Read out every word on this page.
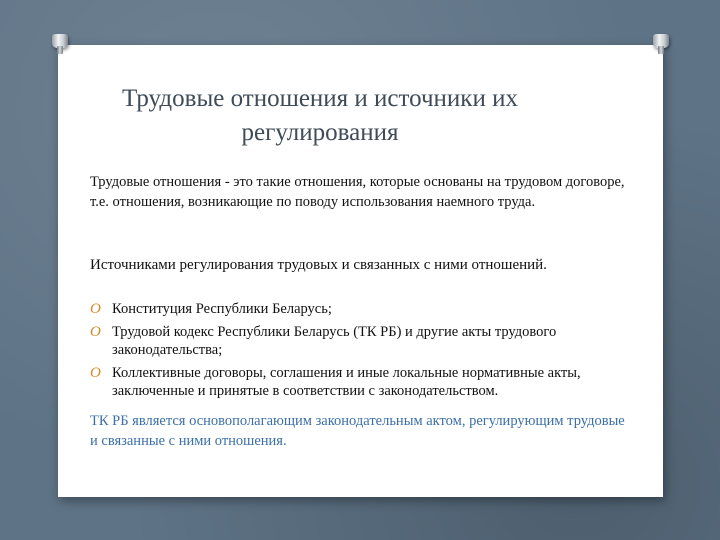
Трудовые отношения и источники их регулирования
Трудовые отношения - это такие отношения, которые основаны на трудовом договоре, т.е. отношения, возникающие по поводу использования наемного труда.
Источниками регулирования трудовых и связанных с ними отношений.
O Конституция Республики Беларусь;
O Трудовой кодекс Республики Беларусь (ТК РБ) и другие акты трудового законодательства;
O Коллективные договоры, соглашения и иные локальные нормативные акты, заключенные и принятые в соответствии с законодательством.
ТК РБ является основополагающим законодательным актом, регулирующим трудовые и связанные с ними отношения.
